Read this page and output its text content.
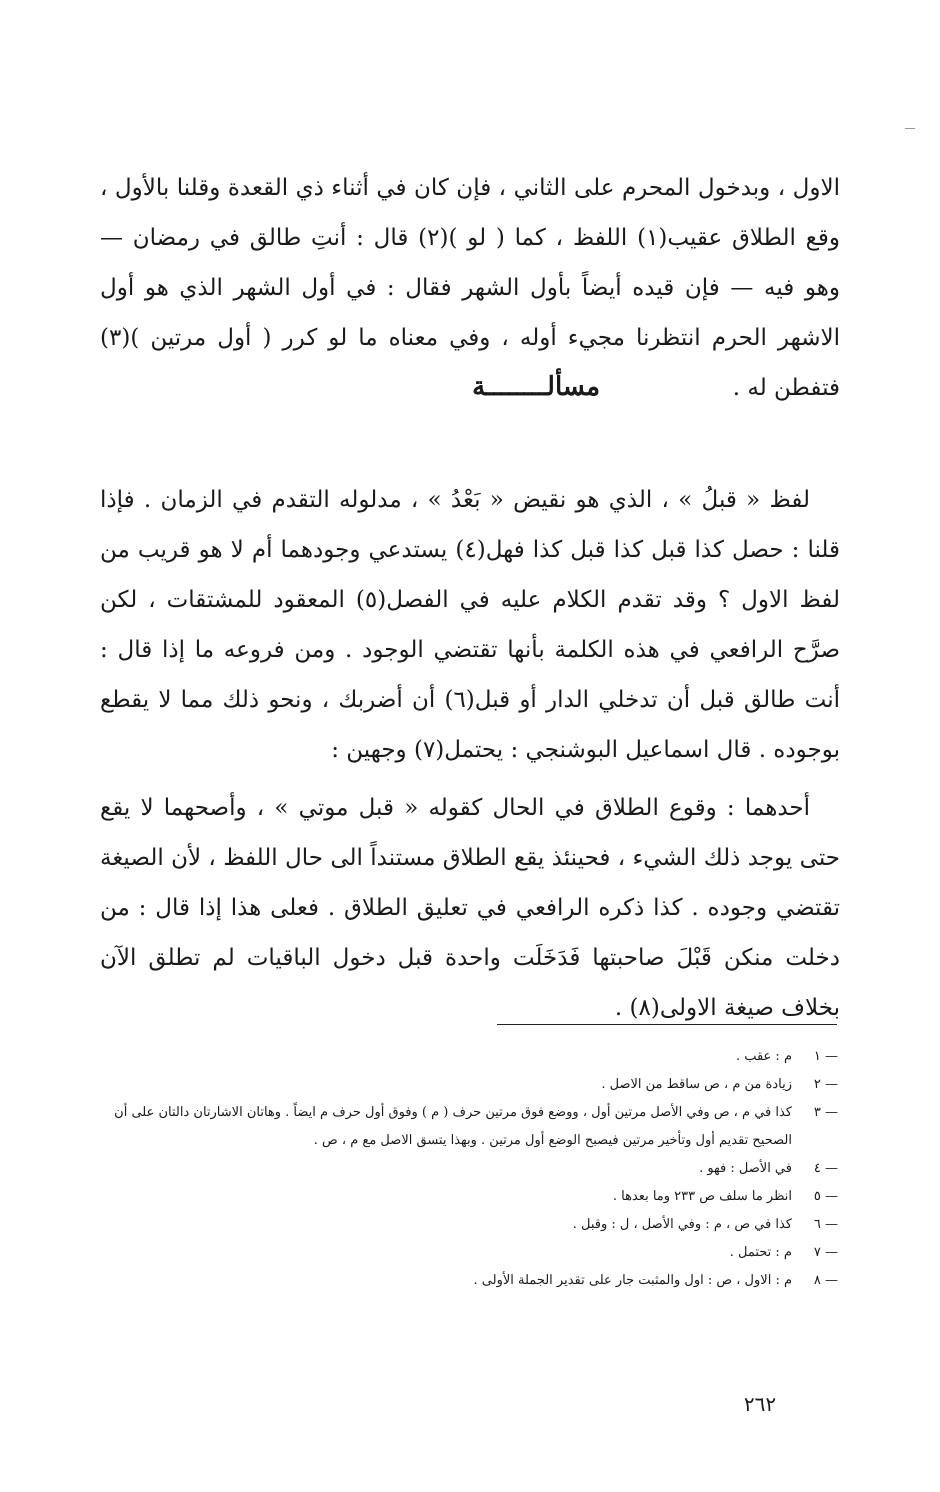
الاول ، وبدخول المحرم على الثاني ، فإن كان في أثناء ذي القعدة وقلنا بالأول ، وقع الطلاق عقيب(١) اللفظ ، كما ( لو )(٢) قال : أنتِ طالق في رمضان — وهو فيه — فإن قيده أيضاً بأول الشهر فقال : في أول الشهر الذي هو أول الاشهر الحرم انتظرنا مجيء أوله ، وفي معناه ما لو كرر ( أول مرتين )(٣) فتفطن له .

مسألــــــــة

لفظ « قبلُ » ، الذي هو نقيض « بَعْدُ » ، مدلوله التقدم في الزمان . فإذا قلنا : حصل كذا قبل كذا قبل كذا فهل(٤) يستدعي وجودهما أم لا هو قريب من لفظ الاول ؟ وقد تقدم الكلام عليه في الفصل(٥) المعقود للمشتقات ، لكن صرَّح الرافعي في هذه الكلمة بأنها تقتضي الوجود . ومن فروعه ما إذا قال : أنت طالق قبل أن تدخلي الدار أو قبل(٦) أن أضربك ، ونحو ذلك مما لا يقطع بوجوده . قال اسماعيل البوشنجي : يحتمل(٧) وجهين :

أحدهما : وقوع الطلاق في الحال كقوله « قبل موتي » ، وأصحهما لا يقع حتى يوجد ذلك الشيء ، فحينئذ يقع الطلاق مستنداً الى حال اللفظ ، لأن الصيغة تقتضي وجوده . كذا ذكره الرافعي في تعليق الطلاق . فعلى هذا إذا قال : من دخلت منكن قَبْلَ صاحبتها فَدَخَلَت واحدة قبل دخول الباقيات لم تطلق الآن بخلاف صيغة الاولى(٨) .

١ —
م : عقب .
٢ —
زيادة من م ، ص ساقط من الاصل .
٣ —
كذا في م ، ص وفي الأصل مرتين أول ، ووضع فوق مرتين حرف ( م ) وفوق أول حرف م ايضاً . وهاتان الاشارتان دالتان على أن الصحيح تقديم أول وتأخير مرتين فيصبح الوضع أول مرتين . وبهذا يتسق الاصل مع م ، ص .
٤ —
في الأصل : فهو .
٥ —
انظر ما سلف ص ٢٣٣ وما بعدها .
٦ —
كذا في ص ، م : وفي الأصل ، ل : وقبل .
٧ —
م : تحتمل .
٨ —
م : الاول ، ص : اول والمثبت جار على تقدير الجملة الأولى .
٢٦٢
